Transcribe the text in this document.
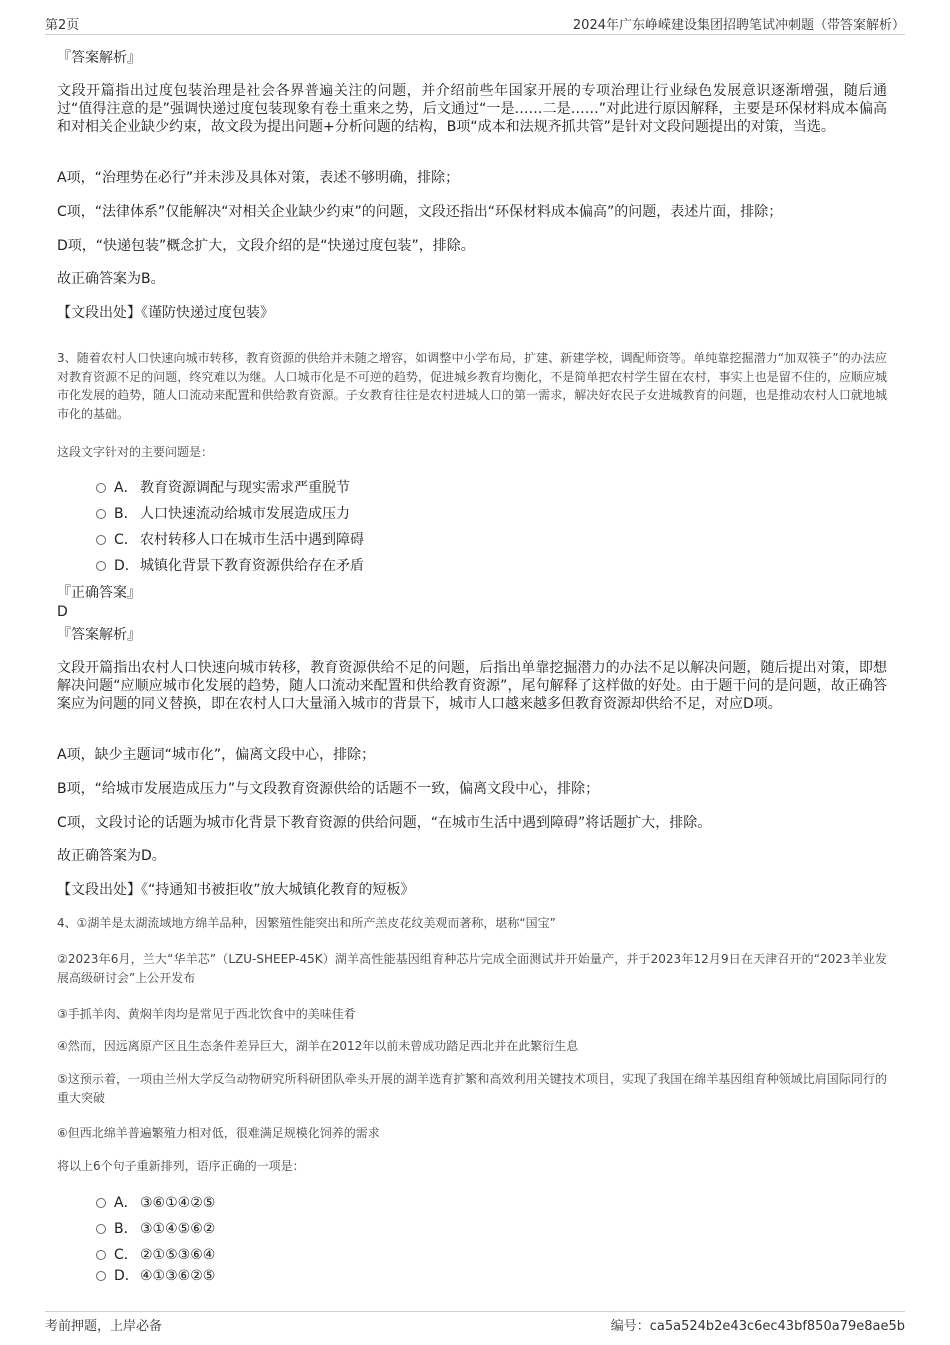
第2页	2024年广东峥嵘建设集团招聘笔试冲刺题（带答案解析）
『答案解析』
文段开篇指出过度包装治理是社会各界普遍关注的问题，并介绍前些年国家开展的专项治理让行业绿色发展意识逐渐增强，随后通过“值得注意的是”强调快递过度包装现象有卷土重来之势，后文通过“一是……二是……”对此进行原因解释，主要是环保材料成本偏高和对相关企业缺少约束，故文段为提出问题+分析问题的结构，B项“成本和法规齐抓共管”是针对文段问题提出的对策，当选。
A项，“治理势在必行”并未涉及具体对策，表述不够明确，排除；
C项，“法律体系”仅能解决“对相关企业缺少约束”的问题，文段还指出“环保材料成本偏高”的问题，表述片面，排除；
D项，“快递包装”概念扩大，文段介绍的是“快递过度包装”，排除。
故正确答案为B。
【文段出处】《谨防快递过度包装》
3、随着农村人口快速向城市转移，教育资源的供给并未随之增容，如调整中小学布局，扩建、新建学校，调配师资等。单纯靠挖掘潜力“加双筷子”的办法应对教育资源不足的问题，终究难以为继。人口城市化是不可逆的趋势，促进城乡教育均衡化，不是简单把农村学生留在农村，事实上也是留不住的，应顺应城市化发展的趋势，随人口流动来配置和供给教育资源。子女教育往往是农村进城人口的第一需求，解决好农民子女进城教育的问题，也是推动农村人口就地城市化的基础。
这段文字针对的主要问题是：
A． 教育资源调配与现实需求严重脱节
B． 人口快速流动给城市发展造成压力
C． 农村转移人口在城市生活中遇到障碍
D．城镇化背景下教育资源供给存在矛盾
『正确答案』
D
『答案解析』
文段开篇指出农村人口快速向城市转移，教育资源供给不足的问题，后指出单靠挖掘潜力的办法不足以解决问题，随后提出对策，即想解决问题“应顺应城市化发展的趋势，随人口流动来配置和供给教育资源”，尾句解释了这样做的好处。由于题干问的是问题，故正确答案应为问题的同义替换，即在农村人口大量涌入城市的背景下，城市人口越来越多但教育资源却供给不足，对应D项。
A项，缺少主题词“城市化”，偏离文段中心，排除；
B项，“给城市发展造成压力”与文段教育资源供给的话题不一致，偏离文段中心，排除；
C项，文段讨论的话题为城市化背景下教育资源的供给问题，“在城市生活中遇到障碍”将话题扩大，排除。
故正确答案为D。
【文段出处】《“持通知书被拒收”放大城镇化教育的短板》
4、①湖羊是太湖流域地方绵羊品种，因繁殖性能突出和所产羔皮花纹美观而著称，堪称“国宝”
②2023年6月，兰大“华羊芯”（LZU-SHEEP-45K）湖羊高性能基因组育种芯片完成全面测试并开始量产，并于2023年12月9日在天津召开的“2023羊业发展高级研讨会”上公开发布
③手抓羊肉、黄焖羊肉均是常见于西北饮食中的美味佳肴
④然而，因远离原产区且生态条件差异巨大，湖羊在2012年以前未曾成功踏足西北并在此繁衍生息
⑤这预示着，一项由兰州大学反刍动物研究所科研团队牵头开展的湖羊选育扩繁和高效利用关键技术项目，实现了我国在绵羊基因组育种领域比肩国际同行的重大突破
⑥但西北绵羊普遍繁殖力相对低，很难满足规模化饲养的需求
将以上6个句子重新排列，语序正确的一项是：
A． ③⑥①④②⑤
B． ③①④⑤⑥②
C． ②①⑤③⑥④
D．④①③⑥②⑤
考前押题，上岸必备	编号：ca5a524b2e43c6ec43bf850a79e8ae5b
